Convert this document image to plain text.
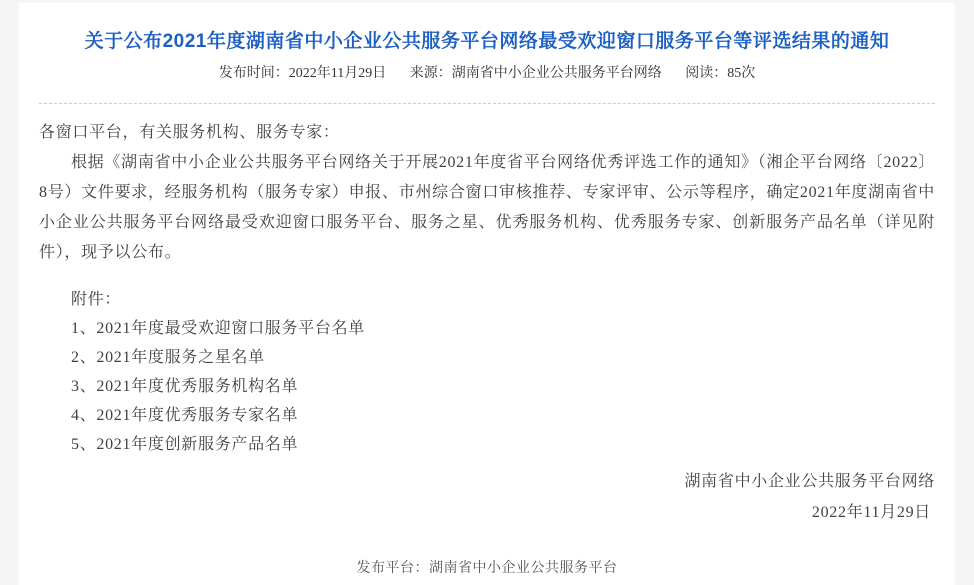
关于公布2021年度湖南省中小企业公共服务平台网络最受欢迎窗口服务平台等评选结果的通知
发布时间：2022年11月29日 来源：湖南省中小企业公共服务平台网络 阅读：85次

各窗口平台，有关服务机构、服务专家：

根据《湖南省中小企业公共服务平台网络关于开展2021年度省平台网络优秀评选工作的通知》（湘企平台网络〔2022〕8号）文件要求，经服务机构（服务专家）申报、市州综合窗口审核推荐、专家评审、公示等程序，确定2021年度湖南省中小企业公共服务平台网络最受欢迎窗口服务平台、服务之星、优秀服务机构、优秀服务专家、创新服务产品名单（详见附件），现予以公布。

附件：

1、2021年度最受欢迎窗口服务平台名单

2、2021年度服务之星名单

3、2021年度优秀服务机构名单

4、2021年度优秀服务专家名单

5、2021年度创新服务产品名单

湖南省中小企业公共服务平台网络

2022年11月29日

发布平台：湖南省中小企业公共服务平台
